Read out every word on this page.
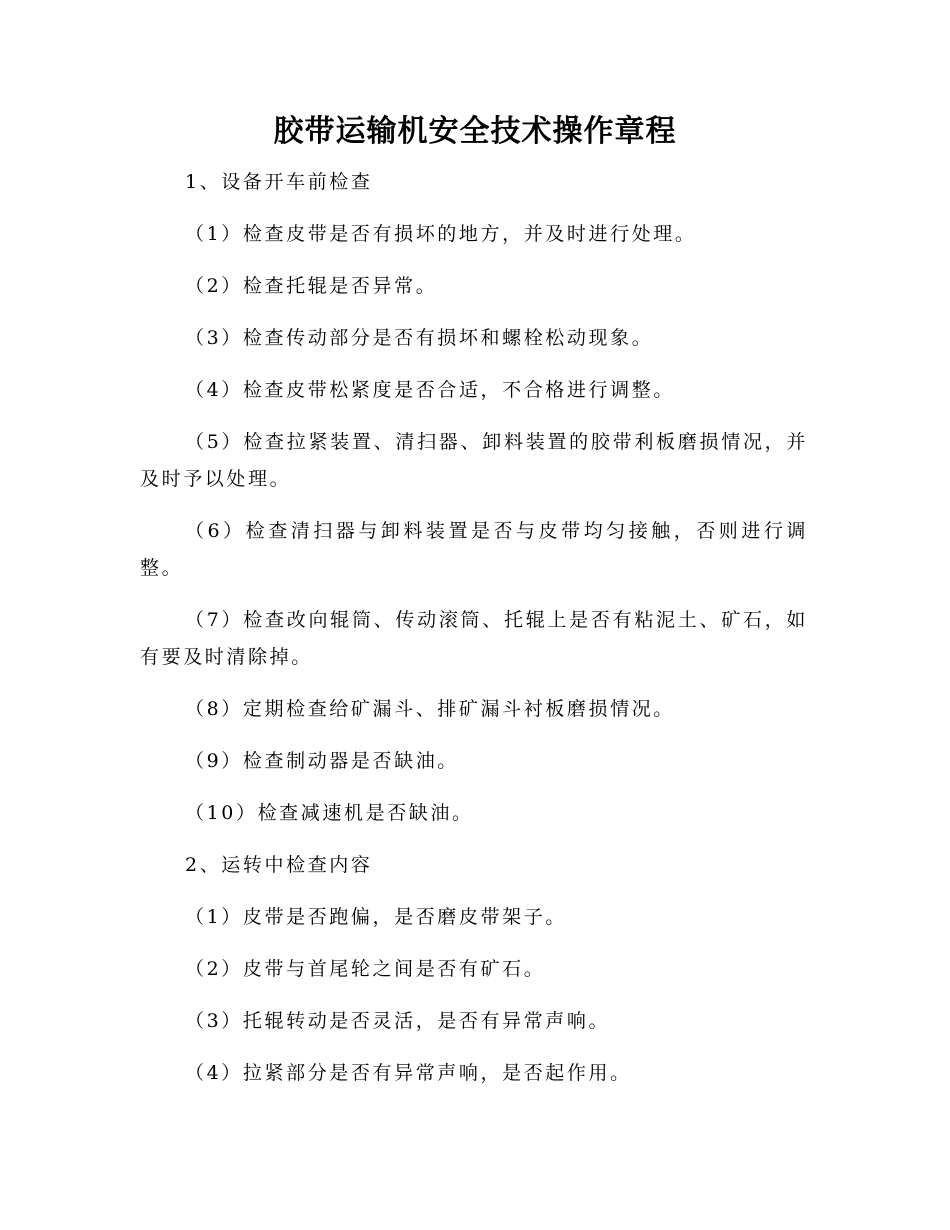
胶带运输机安全技术操作章程

1、设备开车前检查

（1）检查皮带是否有损坏的地方，并及时进行处理。

（2）检查托辊是否异常。

（3）检查传动部分是否有损坏和螺栓松动现象。

（4）检查皮带松紧度是否合适，不合格进行调整。

（5）检查拉紧装置、清扫器、卸料装置的胶带利板磨损情况，并及时予以处理。

（6）检查清扫器与卸料装置是否与皮带均匀接触，否则进行调整。

（7）检查改向辊筒、传动滚筒、托辊上是否有粘泥土、矿石，如有要及时清除掉。

（8）定期检查给矿漏斗、排矿漏斗衬板磨损情况。

（9）检查制动器是否缺油。

（10）检查减速机是否缺油。

2、运转中检查内容

（1）皮带是否跑偏，是否磨皮带架子。

（2）皮带与首尾轮之间是否有矿石。

（3）托辊转动是否灵活，是否有异常声响。

（4）拉紧部分是否有异常声响，是否起作用。
